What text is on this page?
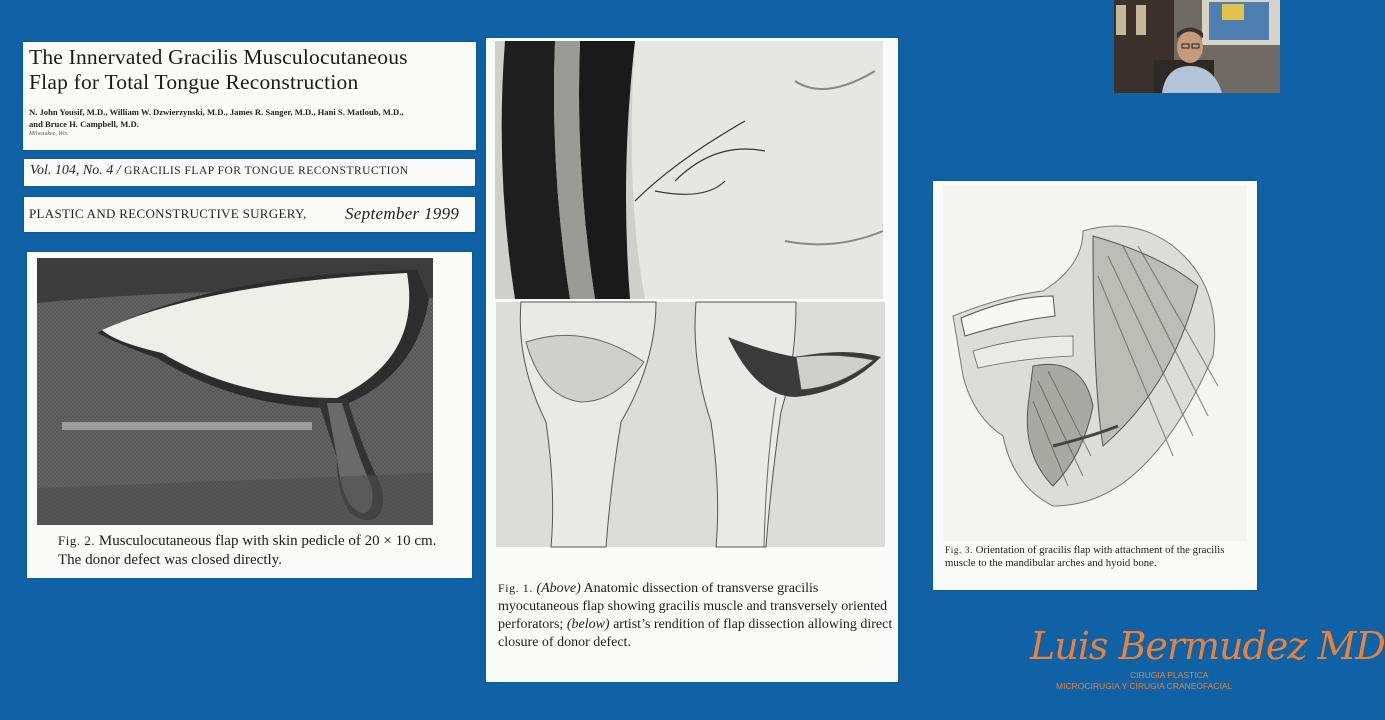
The Innervated Gracilis Musculocutaneous
Flap for Total Tongue Reconstruction
N. John Yousif, M.D., William W. Dzwierzynski, M.D., James R. Sanger, M.D., Hani S. Matloub, M.D.,
and Bruce H. Campbell, M.D.
Milwaukee, Wis.
Vol. 104, No. 4 / GRACILIS FLAP FOR TONGUE RECONSTRUCTION
PLASTIC AND RECONSTRUCTIVE SURGERY, September 1999
Fig. 2. Musculocutaneous flap with skin pedicle of 20 × 10 cm. The donor defect was closed directly.
Fig. 1. (Above) Anatomic dissection of transverse gracilis myocutaneous flap showing gracilis muscle and transversely oriented perforators; (below) artist’s rendition of flap dissection allowing direct closure of donor defect.
Fig. 3. Orientation of gracilis flap with attachment of the gracilis muscle to the mandibular arches and hyoid bone.
Luis Bermudez MD
CIRUGIA PLASTICA
MICROCIRUGIA Y CIRUGIA CRANEOFACIAL
